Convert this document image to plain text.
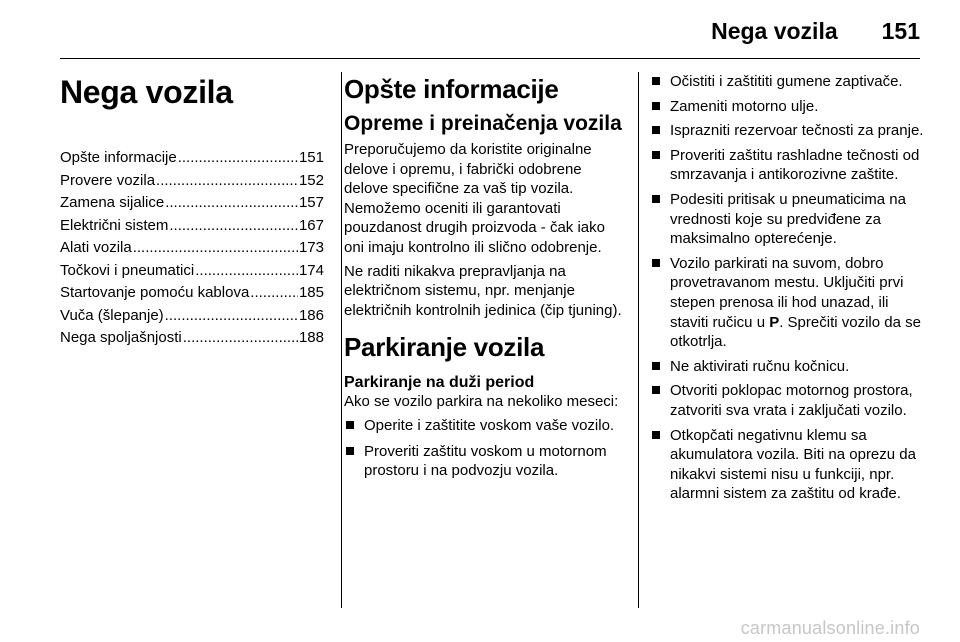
Nega vozila 151
Nega vozila
Opšte informacije .....	151
Provere vozila .....	152
Zamena sijalice .....	157
Električni sistem .....	167
Alati vozila .....	173
Točkovi i pneumatici .....	174
Startovanje pomoću kablova .....	185
Vuča (šlepanje) .....	186
Nega spoljašnjosti .....	188
Opšte informacije
Opreme i preinačenja vozila

Preporučujemo da koristite originalne delove i opremu, i fabrički odobrene delove specifične za vaš tip vozila. Nemožemo oceniti ili garantovati pouzdanost drugih proizvoda - čak iako oni imaju kontrolno ili slično odobrenje.

Ne raditi nikakva prepravljanja na električnom sistemu, npr. menjanje električnih kontrolnih jedinica (čip tjuning).

Parkiranje vozila
Parkiranje na duži period

Ako se vozilo parkira na nekoliko meseci:

Operite i zaštitite voskom vaše vozilo.
Proveriti zaštitu voskom u motornom prostoru i na podvozju vozila.
Očistiti i zaštititi gumene zaptivače.
Zameniti motorno ulje.
Isprazniti rezervoar tečnosti za pranje.
Proveriti zaštitu rashladne tečnosti od smrzavanja i antikorozivne zaštite.
Podesiti pritisak u pneumaticima na vrednosti koje su predviđene za maksimalno opterećenje.
Vozilo parkirati na suvom, dobro provetravanom mestu. Uključiti prvi stepen prenosa ili hod unazad, ili staviti ručicu u P. Sprečiti vozilo da se otkotrlja.
Ne aktivirati ručnu kočnicu.
Otvoriti poklopac motornog prostora, zatvoriti sva vrata i zaključati vozilo.
Otkopčati negativnu klemu sa akumulatora vozila. Biti na oprezu da nikakvi sistemi nisu u funkciji, npr. alarmni sistem za zaštitu od krađe.
carmanualsonline.info
